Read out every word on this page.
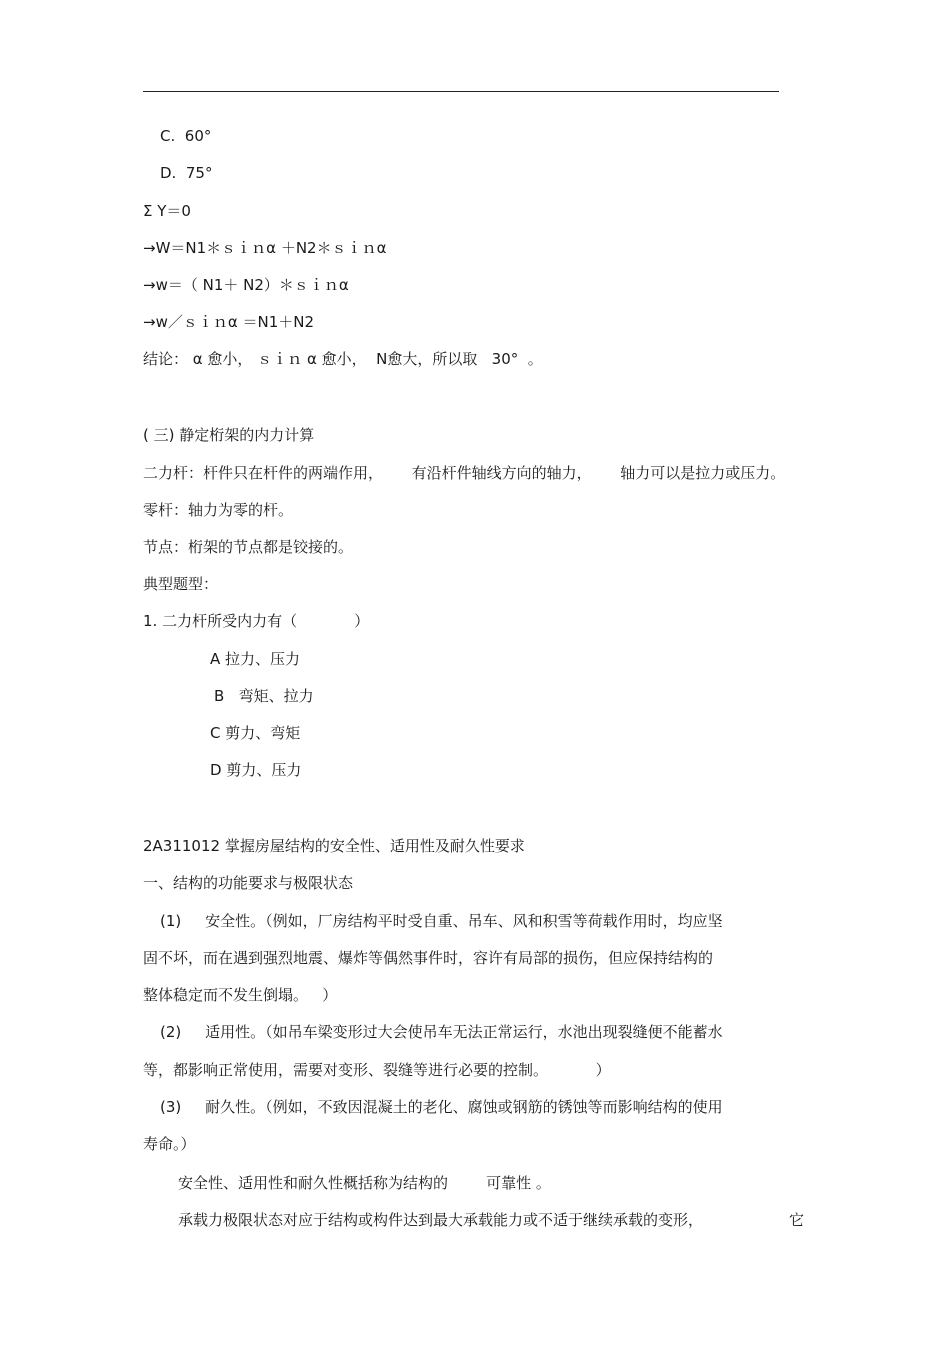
C.  60°
D.  75°
Σ Y＝0
→W＝N1＊ｓｉｎα ＋N2＊ｓｉｎα
→w＝（ N1＋ N2）＊ｓｉｎα
→w／ｓｉｎα ＝N1＋N2
结论： α 愈小， ｓｉｎ α 愈小，  N愈大，所以取   30°  。
( 三) 静定桁架的内力计算
二力杆：杆件只在杆件的两端作用，      有沿杆件轴线方向的轴力，      轴力可以是拉力或压力。
零杆：轴力为零的杆。
节点：桁架的节点都是铰接的。
典型题型：
1. 二力杆所受内力有（            ）
A 拉力、压力
B   弯矩、拉力
C 剪力、弯矩
D 剪力、压力
2A311012 掌握房屋结构的安全性、适用性及耐久性要求
一、结构的功能要求与极限状态
(1)     安全性。（例如，厂房结构平时受自重、吊车、风和积雪等荷载作用时，均应坚
固不坏，而在遇到强烈地震、爆炸等偶然事件时，容许有局部的损伤，但应保持结构的
整体稳定而不发生倒塌。   ）
(2)     适用性。（如吊车梁变形过大会使吊车无法正常运行，水池出现裂缝便不能蓄水
等，都影响正常使用，需要对变形、裂缝等进行必要的控制。          ）
(3)     耐久性。（例如，不致因混凝土的老化、腐蚀或钢筋的锈蚀等而影响结构的使用
寿命。）
安全性、适用性和耐久性概括称为结构的        可靠性 。
承载力极限状态对应于结构或构件达到最大承载能力或不适于继续承载的变形，	它
